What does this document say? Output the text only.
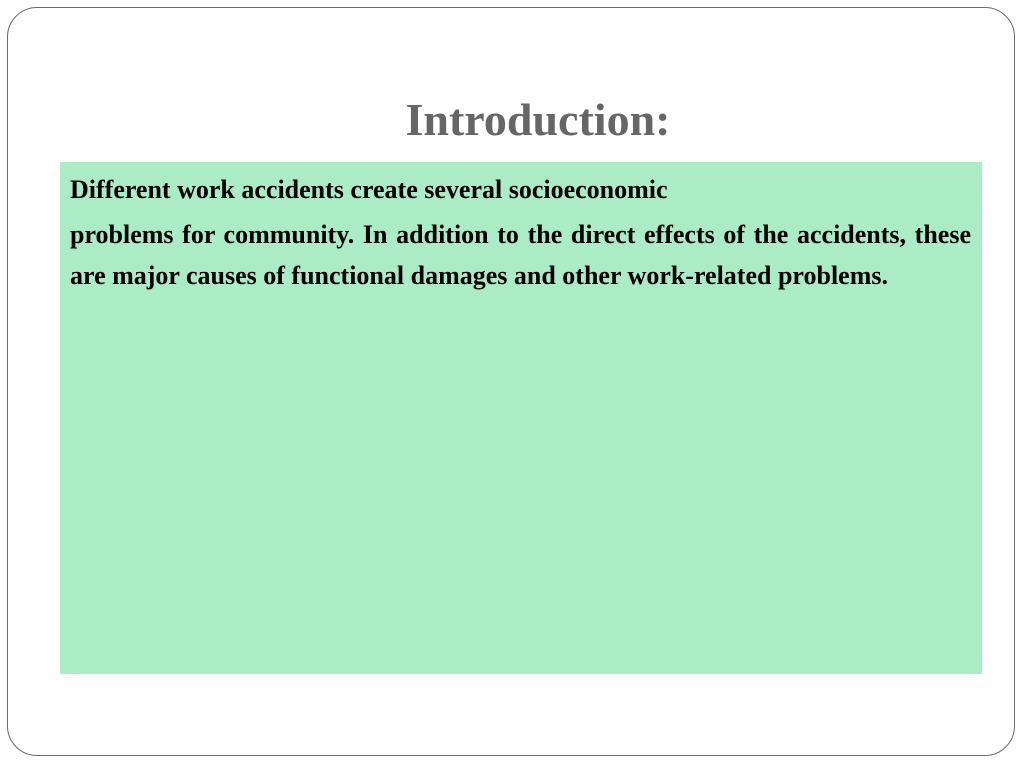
Introduction:

Different work accidents create several socioeconomic

problems for community. In addition to the direct effects of the accidents, these are major causes of functional damages and other work-related problems.
